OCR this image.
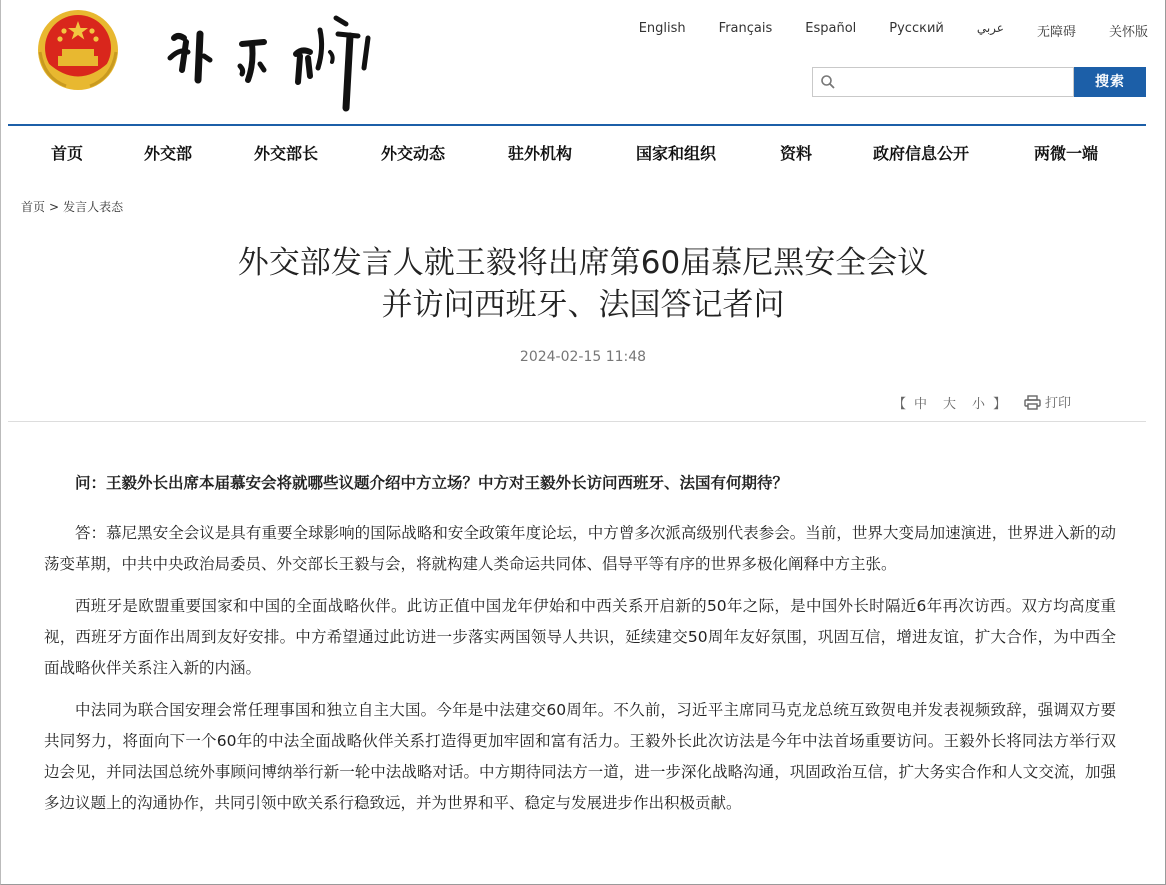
English	Français	Español	Русский	عربي	无障碍	关怀版
搜索
首页	外交部	外交部长	外交动态	驻外机构	国家和组织	资料	政府信息公开	两微一端
首页 > 发言人表态
外交部发言人就王毅将出席第60届慕尼黑安全会议
并访问西班牙、法国答记者问
2024-02-15 11:48
【 中 大 小 】	打印

问：王毅外长出席本届慕安会将就哪些议题介绍中方立场？中方对王毅外长访问西班牙、法国有何期待？

答：慕尼黑安全会议是具有重要全球影响的国际战略和安全政策年度论坛，中方曾多次派高级别代表参会。当前，世界大变局加速演进，世界进入新的动荡变革期，中共中央政治局委员、外交部长王毅与会，将就构建人类命运共同体、倡导平等有序的世界多极化阐释中方主张。

西班牙是欧盟重要国家和中国的全面战略伙伴。此访正值中国龙年伊始和中西关系开启新的50年之际，是中国外长时隔近6年再次访西。双方均高度重视，西班牙方面作出周到友好安排。中方希望通过此访进一步落实两国领导人共识，延续建交50周年友好氛围，巩固互信，增进友谊，扩大合作，为中西全面战略伙伴关系注入新的内涵。

中法同为联合国安理会常任理事国和独立自主大国。今年是中法建交60周年。不久前，习近平主席同马克龙总统互致贺电并发表视频致辞，强调双方要共同努力，将面向下一个60年的中法全面战略伙伴关系打造得更加牢固和富有活力。王毅外长此次访法是今年中法首场重要访问。王毅外长将同法方举行双边会见，并同法国总统外事顾问博纳举行新一轮中法战略对话。中方期待同法方一道，进一步深化战略沟通，巩固政治互信，扩大务实合作和人文交流，加强多边议题上的沟通协作，共同引领中欧关系行稳致远，并为世界和平、稳定与发展进步作出积极贡献。
